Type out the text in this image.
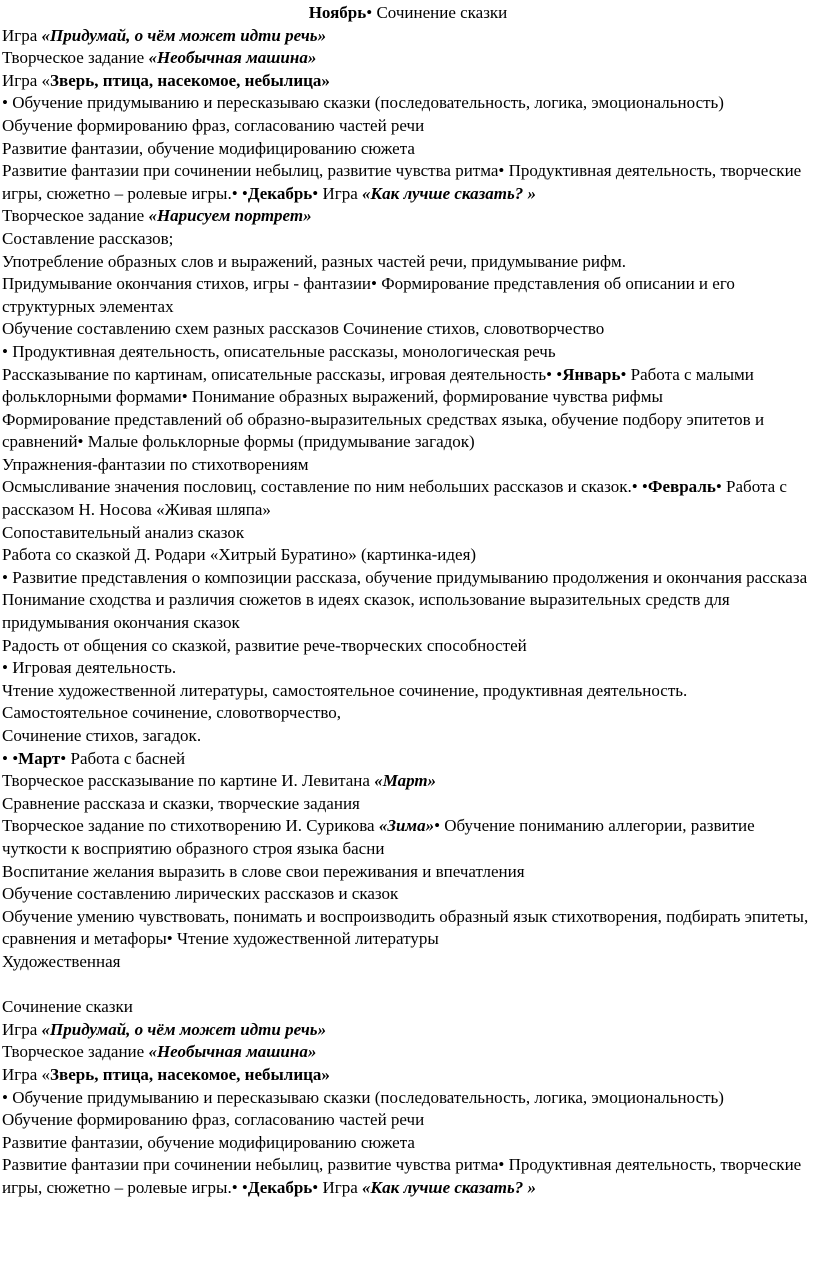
Ноябрь• Сочинение сказки

Игра «Придумай, о чём может идти речь»

Творческое задание «Необычная машина»

Игра «Зверь, птица, насекомое, небылица»

• Обучение придумыванию и пересказываю сказки (последовательность, логика, эмоциональность)

Обучение формированию фраз, согласованию частей речи

Развитие фантазии, обучение модифицированию сюжета

Развитие фантазии при сочинении небылиц, развитие чувства ритма• Продуктивная деятельность, творческие игры, сюжетно – ролевые игры.• •Декабрь• Игра «Как лучше сказать? »

Творческое задание «Нарисуем портрет»

Составление рассказов;

Употребление образных слов и выражений, разных частей речи, придумывание рифм.

Придумывание окончания стихов, игры - фантазии• Формирование представления об описании и его структурных элементах

Обучение составлению схем разных рассказов Сочинение стихов, словотворчество

• Продуктивная деятельность, описательные рассказы, монологическая речь

Рассказывание по картинам, описательные рассказы, игровая деятельность• •Январь• Работа с малыми фольклорными формами• Понимание образных выражений, формирование чувства рифмы

Формирование представлений об образно-выразительных средствах языка, обучение подбору эпитетов и сравнений• Малые фольклорные формы (придумывание загадок)

Упражнения-фантазии по стихотворениям

Осмысливание значения пословиц, составление по ним небольших рассказов и сказок.• •Февраль• Работа с рассказом Н. Носова «Живая шляпа»

Сопоставительный анализ сказок

Работа со сказкой Д. Родари «Хитрый Буратино» (картинка-идея)

• Развитие представления о композиции рассказа, обучение придумыванию продолжения и окончания рассказа

Понимание сходства и различия сюжетов в идеях сказок, использование выразительных средств для придумывания окончания сказок

Радость от общения со сказкой, развитие рече-творческих способностей

• Игровая деятельность.

Чтение художественной литературы, самостоятельное сочинение, продуктивная деятельность.

Самостоятельное сочинение, словотворчество,

Сочинение стихов, загадок.

• •Март• Работа с басней

Творческое рассказывание по картине И. Левитана «Март»

Сравнение рассказа и сказки, творческие задания

Творческое задание по стихотворению И. Сурикова «Зима»• Обучение пониманию аллегории, развитие чуткости к восприятию образного строя языка басни

Воспитание желания выразить в слове свои переживания и впечатления

Обучение составлению лирических рассказов и сказок

Обучение умению чувствовать, понимать и воспроизводить образный язык стихотворения, подбирать эпитеты, сравнения и метафоры• Чтение художественной литературы

Художественная

Сочинение сказки

Игра «Придумай, о чём может идти речь»

Творческое задание «Необычная машина»

Игра «Зверь, птица, насекомое, небылица»

• Обучение придумыванию и пересказываю сказки (последовательность, логика, эмоциональность)

Обучение формированию фраз, согласованию частей речи

Развитие фантазии, обучение модифицированию сюжета

Развитие фантазии при сочинении небылиц, развитие чувства ритма• Продуктивная деятельность, творческие игры, сюжетно – ролевые игры.• •Декабрь• Игра «Как лучше сказать? »
